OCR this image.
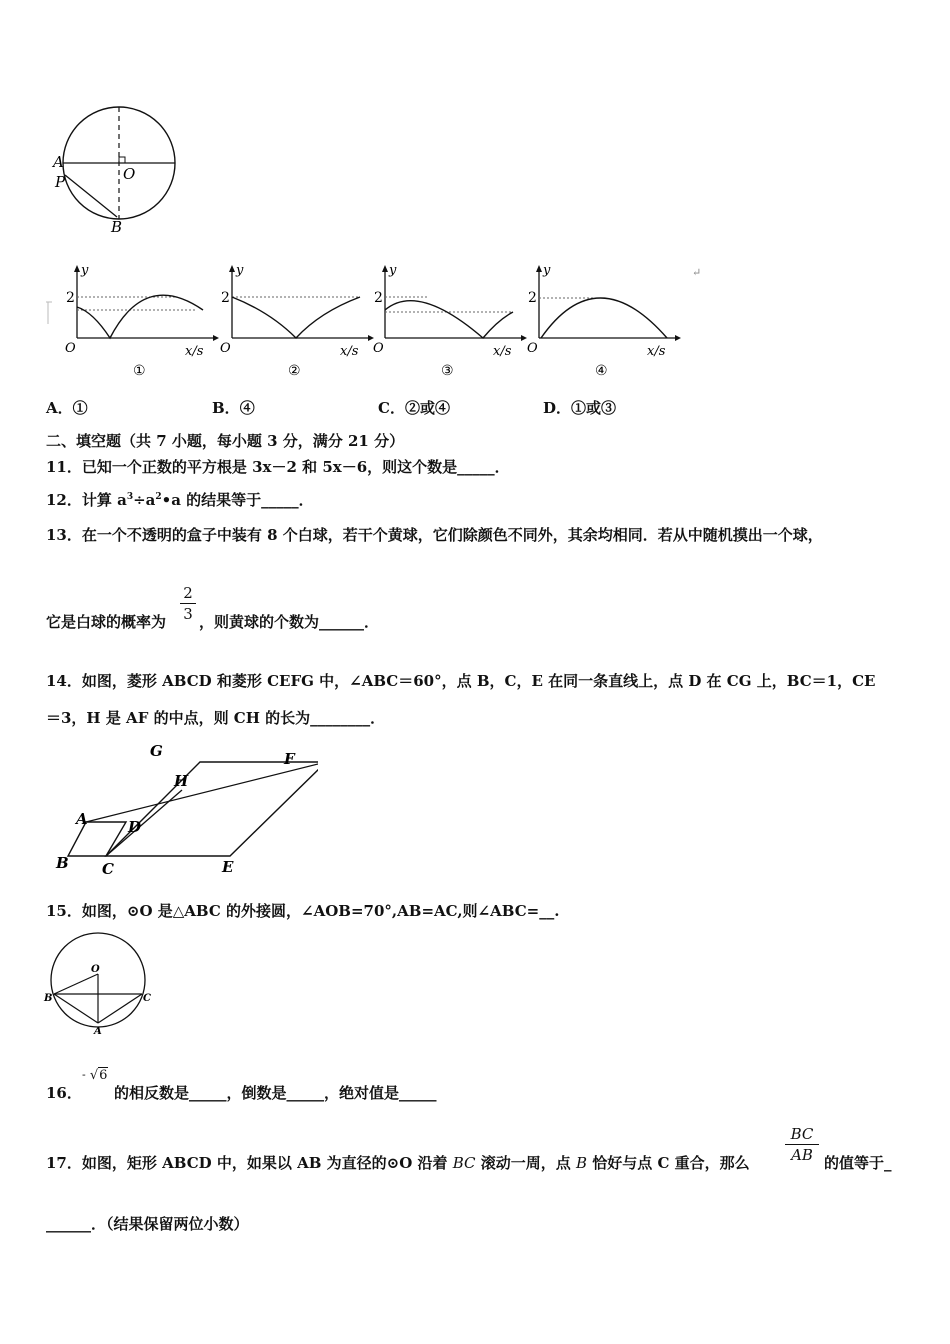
A
P	O
B
y
2
O	x/s
①
y
2
O	x/s
②
y
2
O	x/s
③
y
2
O	x/s
④
↵
A．①	B．④	C．②或④	D．①或③
二、填空题（共 7 小题，每小题 3 分，满分 21 分）
11．已知一个正数的平方根是 3x－2 和 5x－6，则这个数是_____．
12．计算 $a^3\div a^2•a$ 的结果等于_____．
13．在一个不透明的盒子中装有 8 个白球，若干个黄球，它们除颜色不同外，其余均相同．若从中随机摸出一个球，
它是白球的概率为
2
3 ，则黄球的个数为______．
14．如图，菱形 ABCD 和菱形 CEFG 中，∠ABC＝60°，点 B，C，E 在同一条直线上，点 D 在 CG 上，BC＝1，CE
＝3，H 是 AF 的中点，则 CH 的长为________．
G	F
H
A	D
B C	E
15．如图，⊙O 是△ABC 的外接圆，∠AOB=70°,AB=AC,则∠ABC=__.
O
B	C
A
16．
- √6
的相反数是_____，倒数是_____，绝对值是_____
17．如图，矩形 ABCD 中，如果以 AB 为直径的⊙O 沿着 BC 滚动一周，点 B 恰好与点 C 重合，那么
BC
AB 的值等于_
______．（结果保留两位小数）
